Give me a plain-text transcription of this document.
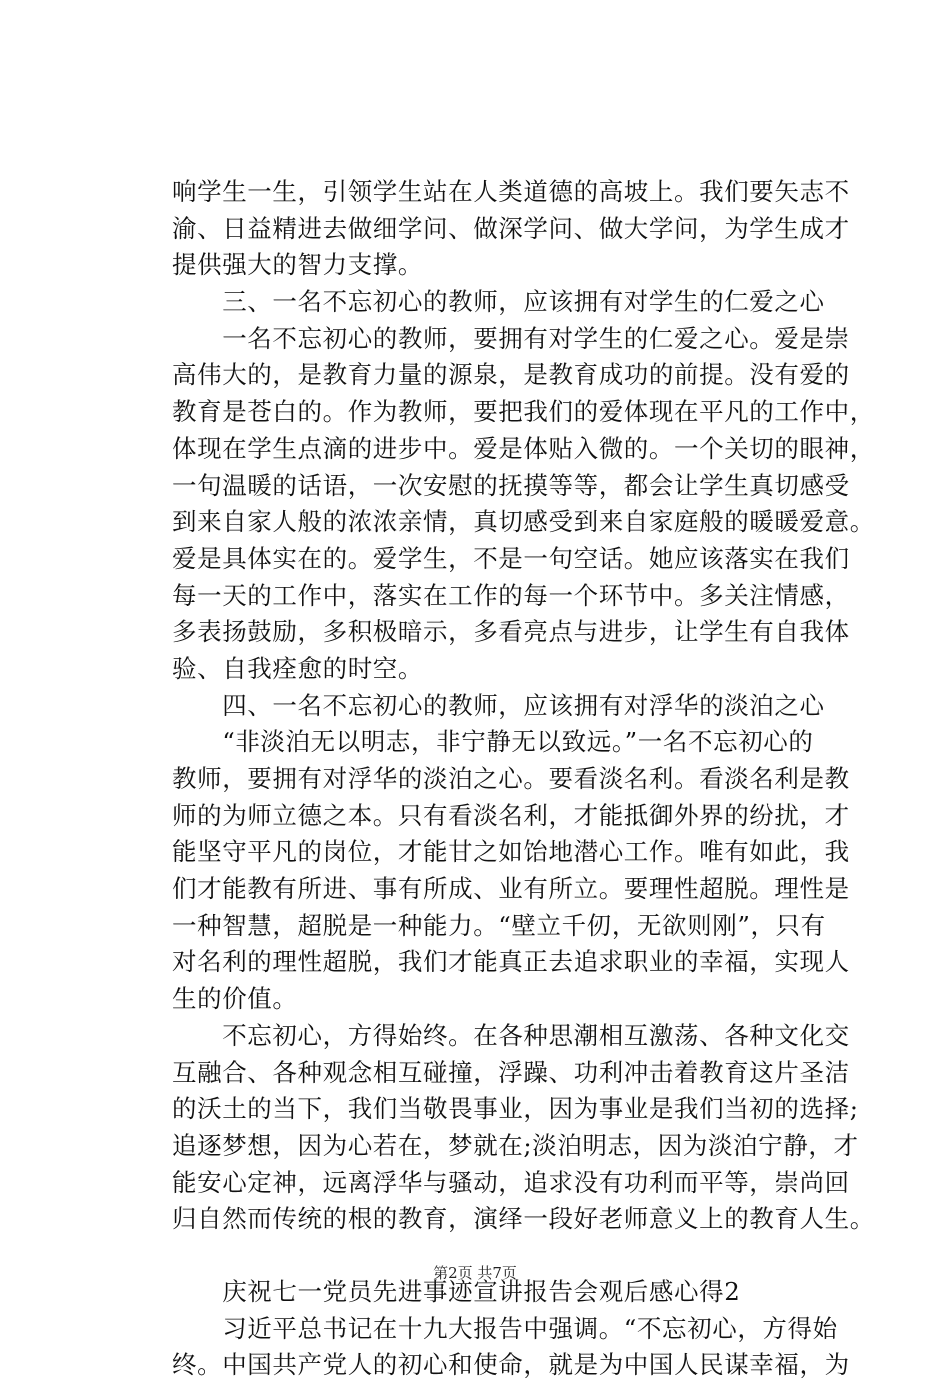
响学生一生，引领学生站在人类道德的高坡上。我们要矢志不
渝、日益精进去做细学问、做深学问、做大学问，为学生成才
提供强大的智力支撑。
　　三、一名不忘初心的教师，应该拥有对学生的仁爱之心
　　一名不忘初心的教师，要拥有对学生的仁爱之心。爱是崇
高伟大的，是教育力量的源泉，是教育成功的前提。没有爱的
教育是苍白的。作为教师，要把我们的爱体现在平凡的工作中，
体现在学生点滴的进步中。爱是体贴入微的。一个关切的眼神，
一句温暖的话语，一次安慰的抚摸等等，都会让学生真切感受
到来自家人般的浓浓亲情，真切感受到来自家庭般的暖暖爱意。
爱是具体实在的。爱学生，不是一句空话。她应该落实在我们
每一天的工作中，落实在工作的每一个环节中。多关注情感，
多表扬鼓励，多积极暗示，多看亮点与进步，让学生有自我体
验、自我痊愈的时空。
　　四、一名不忘初心的教师，应该拥有对浮华的淡泊之心
　　“非淡泊无以明志，非宁静无以致远。”一名不忘初心的
教师，要拥有对浮华的淡泊之心。要看淡名利。看淡名利是教
师的为师立德之本。只有看淡名利，才能抵御外界的纷扰，才
能坚守平凡的岗位，才能甘之如饴地潜心工作。唯有如此，我
们才能教有所进、事有所成、业有所立。要理性超脱。理性是
一种智慧，超脱是一种能力。“壁立千仞，无欲则刚”，只有
对名利的理性超脱，我们才能真正去追求职业的幸福，实现人
生的价值。
　　不忘初心，方得始终。在各种思潮相互激荡、各种文化交
互融合、各种观念相互碰撞，浮躁、功利冲击着教育这片圣洁
的沃土的当下，我们当敬畏事业，因为事业是我们当初的选择;
追逐梦想，因为心若在，梦就在;淡泊明志，因为淡泊宁静，才
能安心定神，远离浮华与骚动，追求没有功利而平等，崇尚回
归自然而传统的根的教育，演绎一段好老师意义上的教育人生。
　　庆祝七一党员先进事迹宣讲报告会观后感心得2
　　习近平总书记在十九大报告中强调。“不忘初心，方得始
终。中国共产党人的初心和使命，就是为中国人民谋幸福，为
第2页 共7页
